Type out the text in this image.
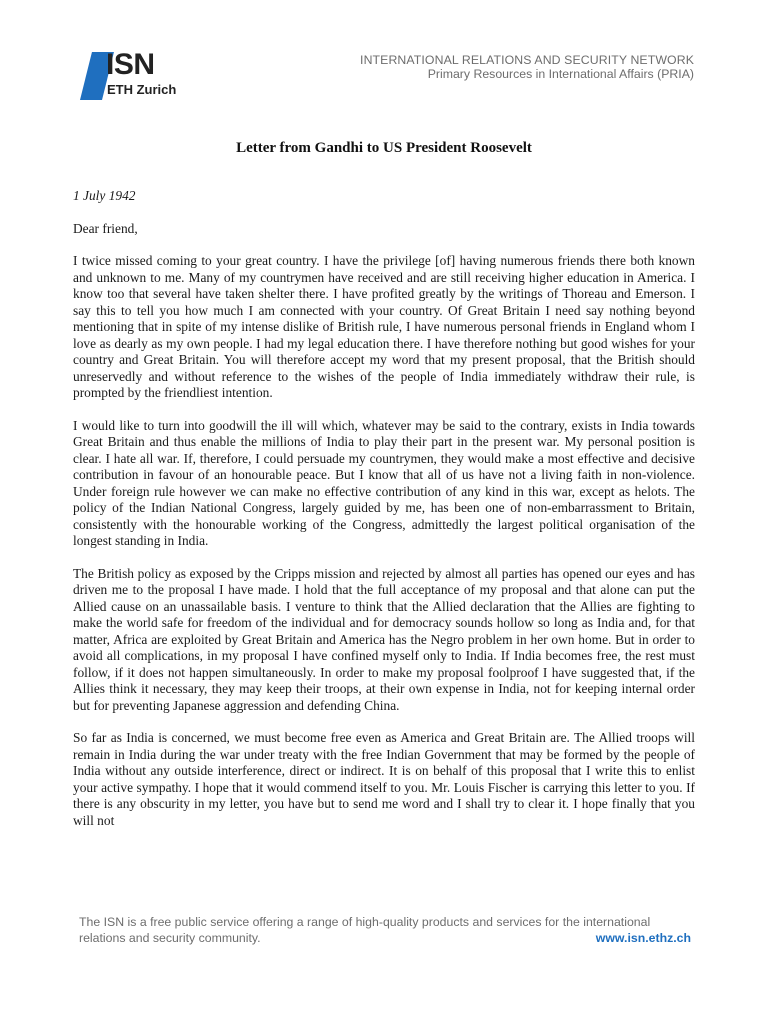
ISN
ETH Zurich
INTERNATIONAL RELATIONS AND SECURITY NETWORK
Primary Resources in International Affairs (PRIA)
Letter from Gandhi to US President Roosevelt

1 July 1942

Dear friend,

I twice missed coming to your great country. I have the privilege [of] having numerous friends there both known and unknown to me. Many of my countrymen have received and are still receiving higher education in America. I know too that several have taken shelter there. I have profited greatly by the writings of Thoreau and Emerson. I say this to tell you how much I am connected with your country. Of Great Britain I need say nothing beyond mentioning that in spite of my intense dislike of British rule, I have numerous personal friends in England whom I love as dearly as my own people. I had my legal education there. I have therefore nothing but good wishes for your country and Great Britain. You will therefore accept my word that my present proposal, that the British should unreservedly and without reference to the wishes of the people of India immediately withdraw their rule, is prompted by the friendliest intention.

I would like to turn into goodwill the ill will which, whatever may be said to the contrary, exists in India towards Great Britain and thus enable the millions of India to play their part in the present war. My personal position is clear. I hate all war. If, therefore, I could persuade my countrymen, they would make a most effective and decisive contribution in favour of an honourable peace. But I know that all of us have not a living faith in non-violence. Under foreign rule however we can make no effective contribution of any kind in this war, except as helots. The policy of the Indian National Congress, largely guided by me, has been one of non-embarrassment to Britain, consistently with the honourable working of the Congress, admittedly the largest political organisation of the longest standing in India.

The British policy as exposed by the Cripps mission and rejected by almost all parties has opened our eyes and has driven me to the proposal I have made. I hold that the full acceptance of my proposal and that alone can put the Allied cause on an unassailable basis. I venture to think that the Allied declaration that the Allies are fighting to make the world safe for freedom of the individual and for democracy sounds hollow so long as India and, for that matter, Africa are exploited by Great Britain and America has the Negro problem in her own home. But in order to avoid all complications, in my proposal I have confined myself only to India. If India becomes free, the rest must follow, if it does not happen simultaneously. In order to make my proposal foolproof I have suggested that, if the Allies think it necessary, they may keep their troops, at their own expense in India, not for keeping internal order but for preventing Japanese aggression and defending China.

So far as India is concerned, we must become free even as America and Great Britain are. The Allied troops will remain in India during the war under treaty with the free Indian Government that may be formed by the people of India without any outside interference, direct or indirect. It is on behalf of this proposal that I write this to enlist your active sympathy. I hope that it would commend itself to you. Mr. Louis Fischer is carrying this letter to you. If there is any obscurity in my letter, you have but to send me word and I shall try to clear it. I hope finally that you will not

The ISN is a free public service offering a range of high-quality products and services for the international relations and security community.	www.isn.ethz.ch
